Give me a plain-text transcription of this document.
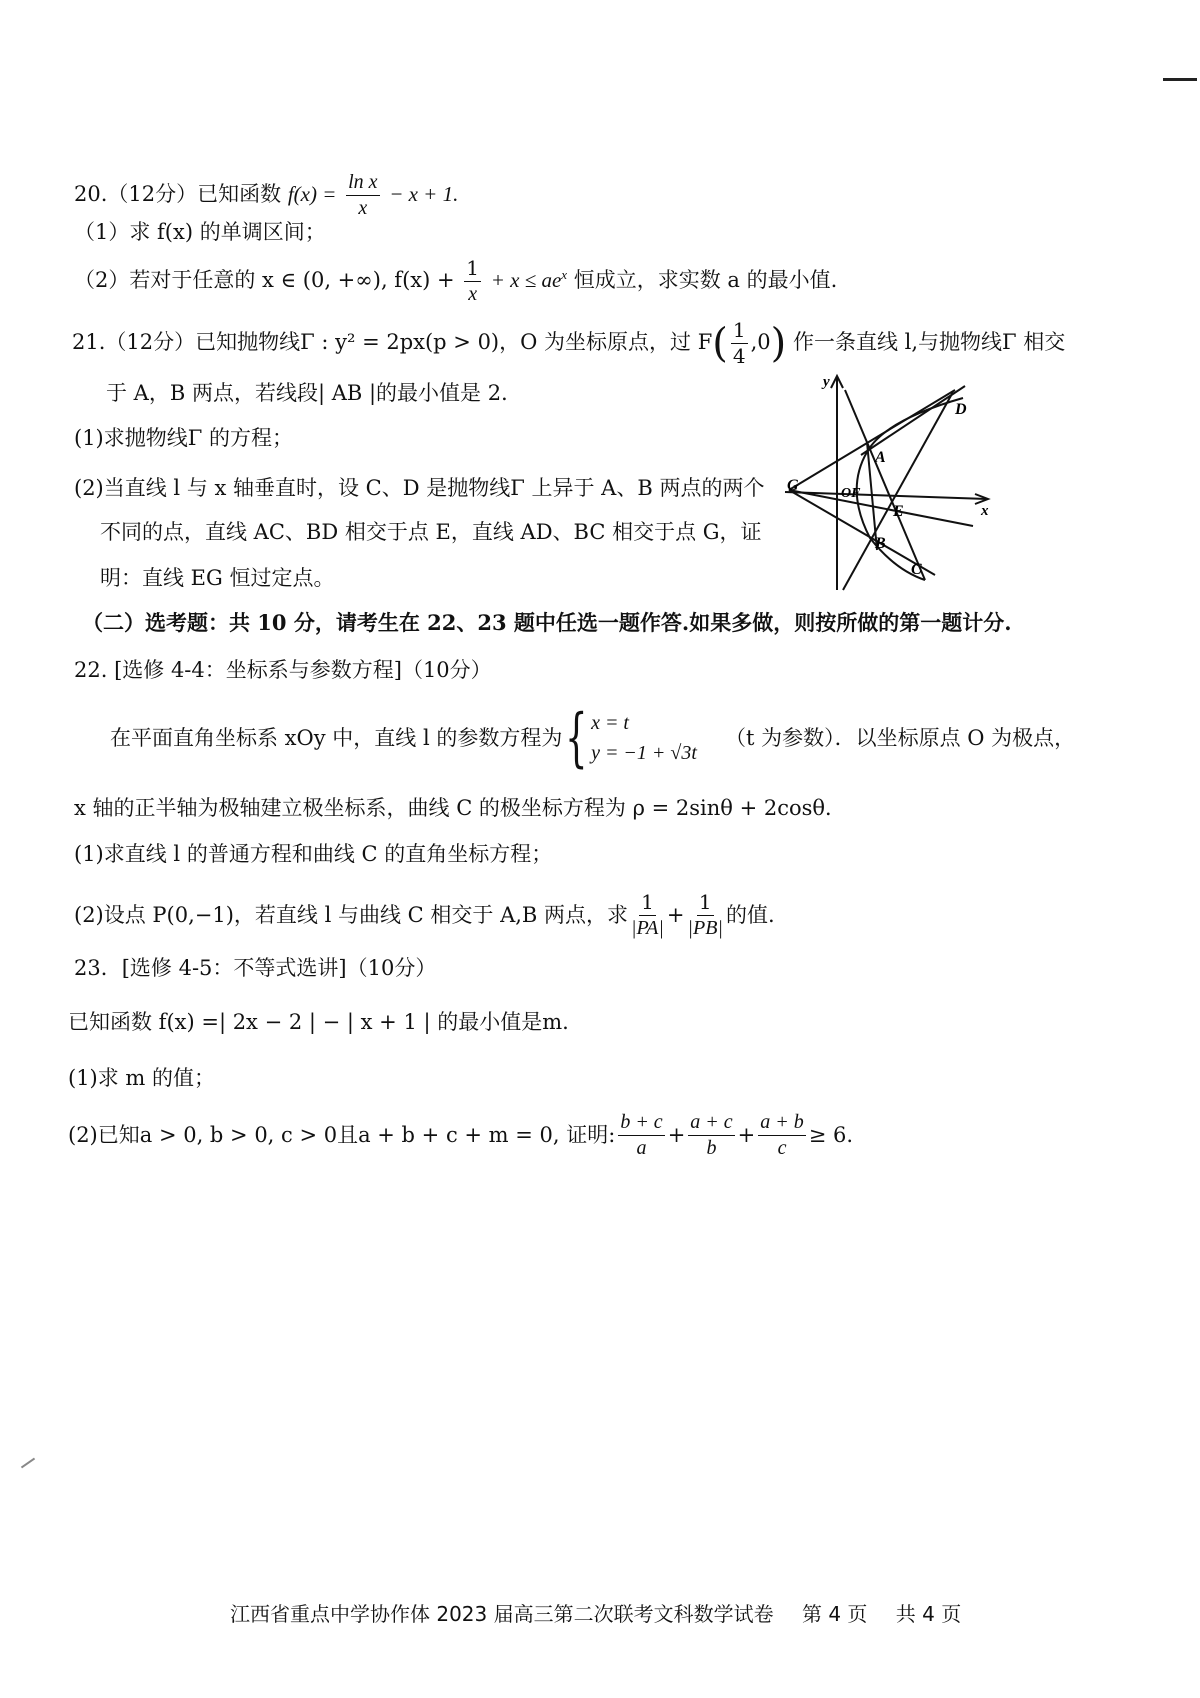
20.（12分）已知函数 $f(x) = \frac{\text{ln x}}{x} - x + 1$.
（1）求 f(x) 的单调区间；
（2）若对于任意的 x ∈ (0, +∞), $f(x) + \frac{1}{x} + x \le ae^x$ 恒成立，求实数 a 的最小值.
21.（12分）已知抛物线Γ : y² = 2px(p > 0)，O 为坐标原点，过 $F( \frac{1}{4} ,0)$ 作一条直线 l,与抛物线Γ 相交
于 A，B 两点，若线段| AB |的最小值是 2．
(1)求抛物线Γ 的方程；
(2)当直线 l 与 x 轴垂直时，设 C、D 是抛物线Γ 上异于 A、B 两点的两个
不同的点，直线 AC、BD 相交于点 E，直线 AD、BC 相交于点 G，证
明：直线 EG 恒过定点。
y
x
D
A
G	OF
E
B
C
（二）选考题：共 10 分，请考生在 22、23 题中任选一题作答.如果多做，则按所做的第一题计分.
22. [选修 4-4：坐标系与参数方程]（10分）
在平面直角坐标系 xOy 中，直线 l 的参数方程为 { x = t
y = −1 + √3t
（t 为参数）．以坐标原点 O 为极点，
x 轴的正半轴为极轴建立极坐标系，曲线 C 的极坐标方程为 ρ = 2sinθ + 2cosθ．
(1)求直线 l 的普通方程和曲线 C 的直角坐标方程；
(2)设点 P(0,−1)，若直线 l 与曲线 C 相交于 A,B 两点，求 $\frac{1}{|PA|} + \frac{1}{|PB|}$ 的值.
23．[选修 4-5：不等式选讲]（10分）
已知函数 f(x) =| 2x − 2 | − | x + 1 | 的最小值是m.
(1)求 m 的值；
(2)已知a > 0, b > 0, c > 0且a + b + c + m = 0, 证明: $\frac{b + c}{a} + \frac{a + c}{b} + \frac{a + b}{c} \ge 6$.
江西省重点中学协作体 2023 届高三第二次联考文科数学试卷 第 4 页 共 4 页
